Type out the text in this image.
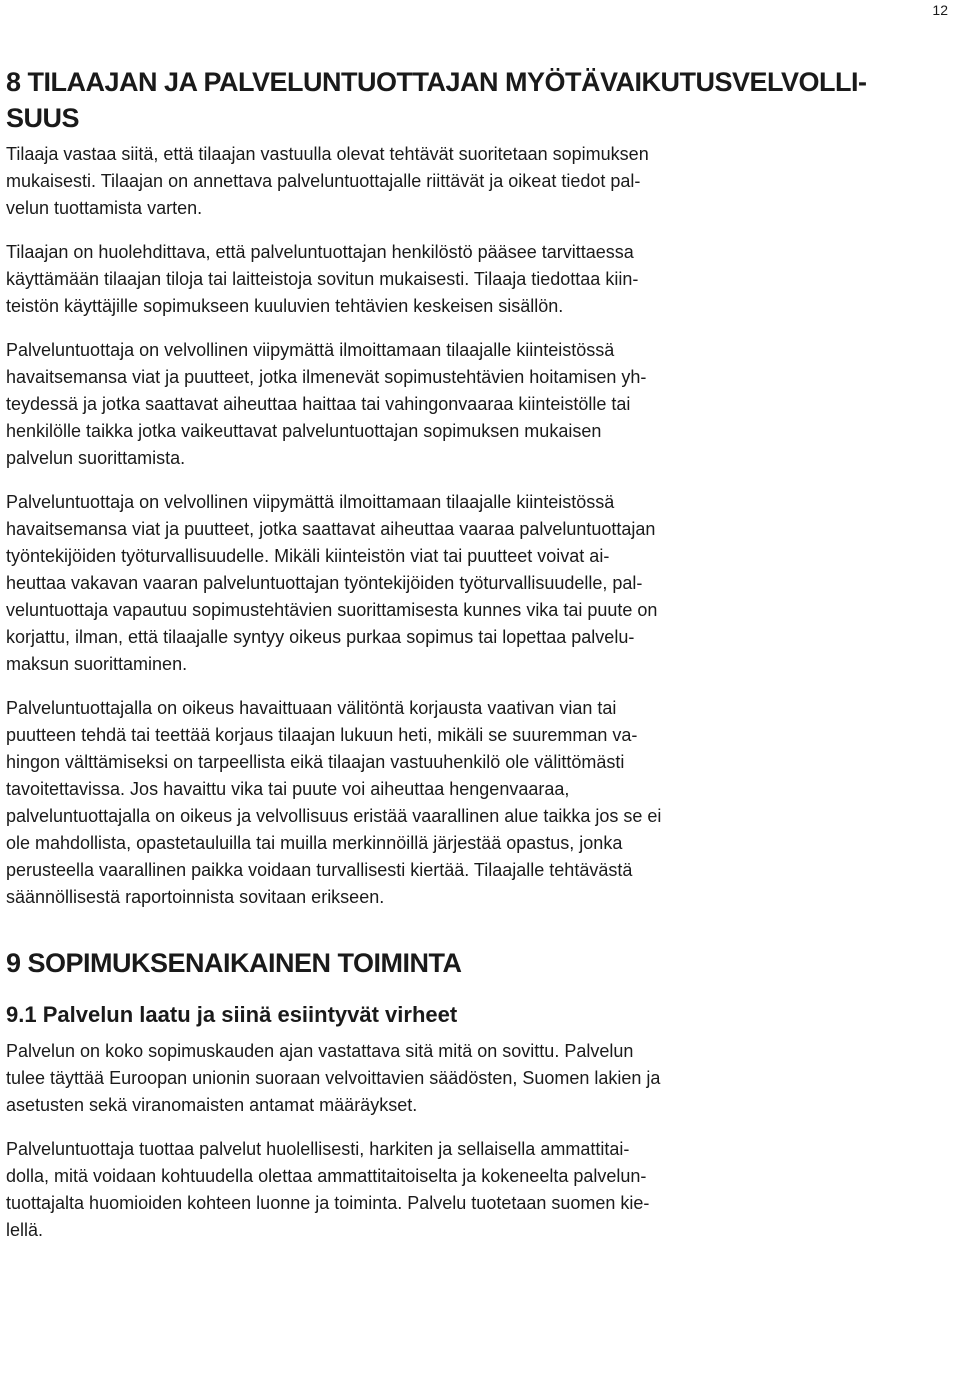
12
8 TILAAJAN JA PALVELUNTUOTTAJAN MYÖTÄVAIKUTUSVELVOLLI-
SUUS

Tilaaja vastaa siitä, että tilaajan vastuulla olevat tehtävät suoritetaan sopimuksen
mukaisesti. Tilaajan on annettava palveluntuottajalle riittävät ja oikeat tiedot pal-
velun tuottamista varten.

Tilaajan on huolehdittava, että palveluntuottajan henkilöstö pääsee tarvittaessa
käyttämään tilaajan tiloja tai laitteistoja sovitun mukaisesti. Tilaaja tiedottaa kiin-
teistön käyttäjille sopimukseen kuuluvien tehtävien keskeisen sisällön.

Palveluntuottaja on velvollinen viipymättä ilmoittamaan tilaajalle kiinteistössä
havaitsemansa viat ja puutteet, jotka ilmenevät sopimustehtävien hoitamisen yh-
teydessä ja jotka saattavat aiheuttaa haittaa tai vahingonvaaraa kiinteistölle tai
henkilölle taikka jotka vaikeuttavat palveluntuottajan sopimuksen mukaisen
palvelun suorittamista.

Palveluntuottaja on velvollinen viipymättä ilmoittamaan tilaajalle kiinteistössä
havaitsemansa viat ja puutteet, jotka saattavat aiheuttaa vaaraa palveluntuottajan
työntekijöiden työturvallisuudelle. Mikäli kiinteistön viat tai puutteet voivat ai-
heuttaa vakavan vaaran palveluntuottajan työntekijöiden työturvallisuudelle, pal-
veluntuottaja vapautuu sopimustehtävien suorittamisesta kunnes vika tai puute on
korjattu, ilman, että tilaajalle syntyy oikeus purkaa sopimus tai lopettaa palvelu-
maksun suorittaminen.

Palveluntuottajalla on oikeus havaittuaan välitöntä korjausta vaativan vian tai
puutteen tehdä tai teettää korjaus tilaajan lukuun heti, mikäli se suuremman va-
hingon välttämiseksi on tarpeellista eikä tilaajan vastuuhenkilö ole välittömästi
tavoitettavissa. Jos havaittu vika tai puute voi aiheuttaa hengenvaaraa,
palveluntuottajalla on oikeus ja velvollisuus eristää vaarallinen alue taikka jos se ei
ole mahdollista, opastetauluilla tai muilla merkinnöillä järjestää opastus, jonka
perusteella vaarallinen paikka voidaan turvallisesti kiertää. Tilaajalle tehtävästä
säännöllisestä raportoinnista sovitaan erikseen.

9 SOPIMUKSENAIKAINEN TOIMINTA
9.1 Palvelun laatu ja siinä esiintyvät virheet

Palvelun on koko sopimuskauden ajan vastattava sitä mitä on sovittu. Palvelun
tulee täyttää Euroopan unionin suoraan velvoittavien säädösten, Suomen lakien ja
asetusten sekä viranomaisten antamat määräykset.

Palveluntuottaja tuottaa palvelut huolellisesti, harkiten ja sellaisella ammattitai-
dolla, mitä voidaan kohtuudella olettaa ammattitaitoiselta ja kokeneelta palvelun-
tuottajalta huomioiden kohteen luonne ja toiminta. Palvelu tuotetaan suomen kie-
lellä.
